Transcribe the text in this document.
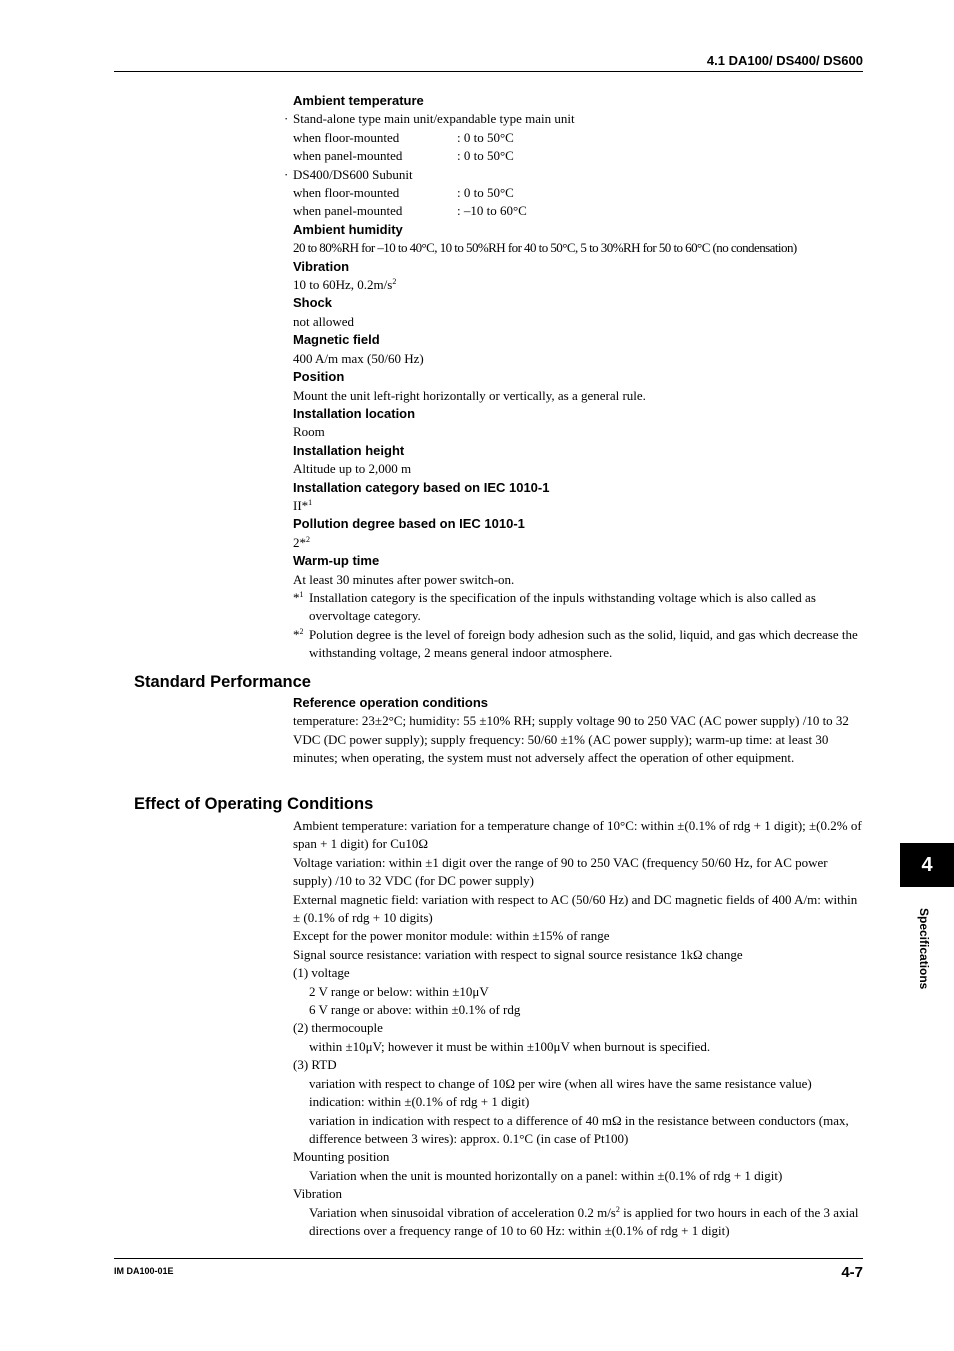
4.1 DA100/ DS400/ DS600
Ambient temperature
· Stand-alone type main unit/expandable type main unit
when floor-mounted	: 0 to 50°C
when panel-mounted	: 0 to 50°C
· DS400/DS600 Subunit
when floor-mounted	: 0 to 50°C
when panel-mounted	: –10 to 60°C
Ambient humidity
20 to 80%RH for –10 to 40°C, 10 to 50%RH for 40 to 50°C, 5 to 30%RH for 50 to 60°C (no condensation)
Vibration
10 to 60Hz, $0.2m/s^2$
Shock
not allowed
Magnetic field
400 A/m max (50/60 Hz)
Position
Mount the unit left-right horizontally or vertically, as a general rule.
Installation location
Room
Installation height
Altitude up to 2,000 m
Installation category based on IEC 1010-1
II*$^1$
Pollution degree based on IEC 1010-1
2*$^2$
Warm-up time
At least 30 minutes after power switch-on.
*$^1$ Installation category is the specification of the inpuls withstanding voltage which is also called as overvoltage category.
*$^2$ Polution degree is the level of foreign body adhesion such as the solid, liquid, and gas which decrease the withstanding voltage, 2 means general indoor atmosphere.
Standard Performance
Reference operation conditions
temperature: 23±2°C; humidity: 55 ±10% RH; supply voltage 90 to 250 VAC (AC power supply) /10 to 32 VDC (DC power supply); supply frequency: 50/60 ±1% (AC power supply); warm-up time: at least 30 minutes; when operating, the system must not adversely affect the operation of other equipment.
Effect of Operating Conditions
Ambient temperature: variation for a temperature change of 10°C: within ±(0.1% of rdg + 1 digit); ±(0.2% of span + 1 digit) for Cu10Ω
Voltage variation: within ±1 digit over the range of 90 to 250 VAC (frequency 50/60 Hz, for AC power supply) /10 to 32 VDC (for DC power supply)
External magnetic field: variation with respect to AC (50/60 Hz) and DC magnetic fields of 400 A/m: within ± (0.1% of rdg + 10 digits)
Except for the power monitor module: within ±15% of range
Signal source resistance: variation with respect to signal source resistance 1kΩ change
(1) voltage
2 V range or below: within ±10μV
6 V range or above: within ±0.1% of rdg
(2) thermocouple
within ±10μV; however it must be within ±100μV when burnout is specified.
(3) RTD
variation with respect to change of 10Ω per wire (when all wires have the same resistance value)
indication: within ±(0.1% of rdg + 1 digit)
variation in indication with respect to a difference of 40 mΩ in the resistance between conductors (max, difference between 3 wires): approx. 0.1°C (in case of Pt100)
Mounting position
Variation when the unit is mounted horizontally on a panel: within ±(0.1% of rdg + 1 digit)
Vibration
Variation when sinusoidal vibration of acceleration 0.2 $m/s^2$ is applied for two hours in each of the 3 axial directions over a frequency range of 10 to 60 Hz: within ±(0.1% of rdg + 1 digit)
4
Specifications
IM DA100-01E	4-7
